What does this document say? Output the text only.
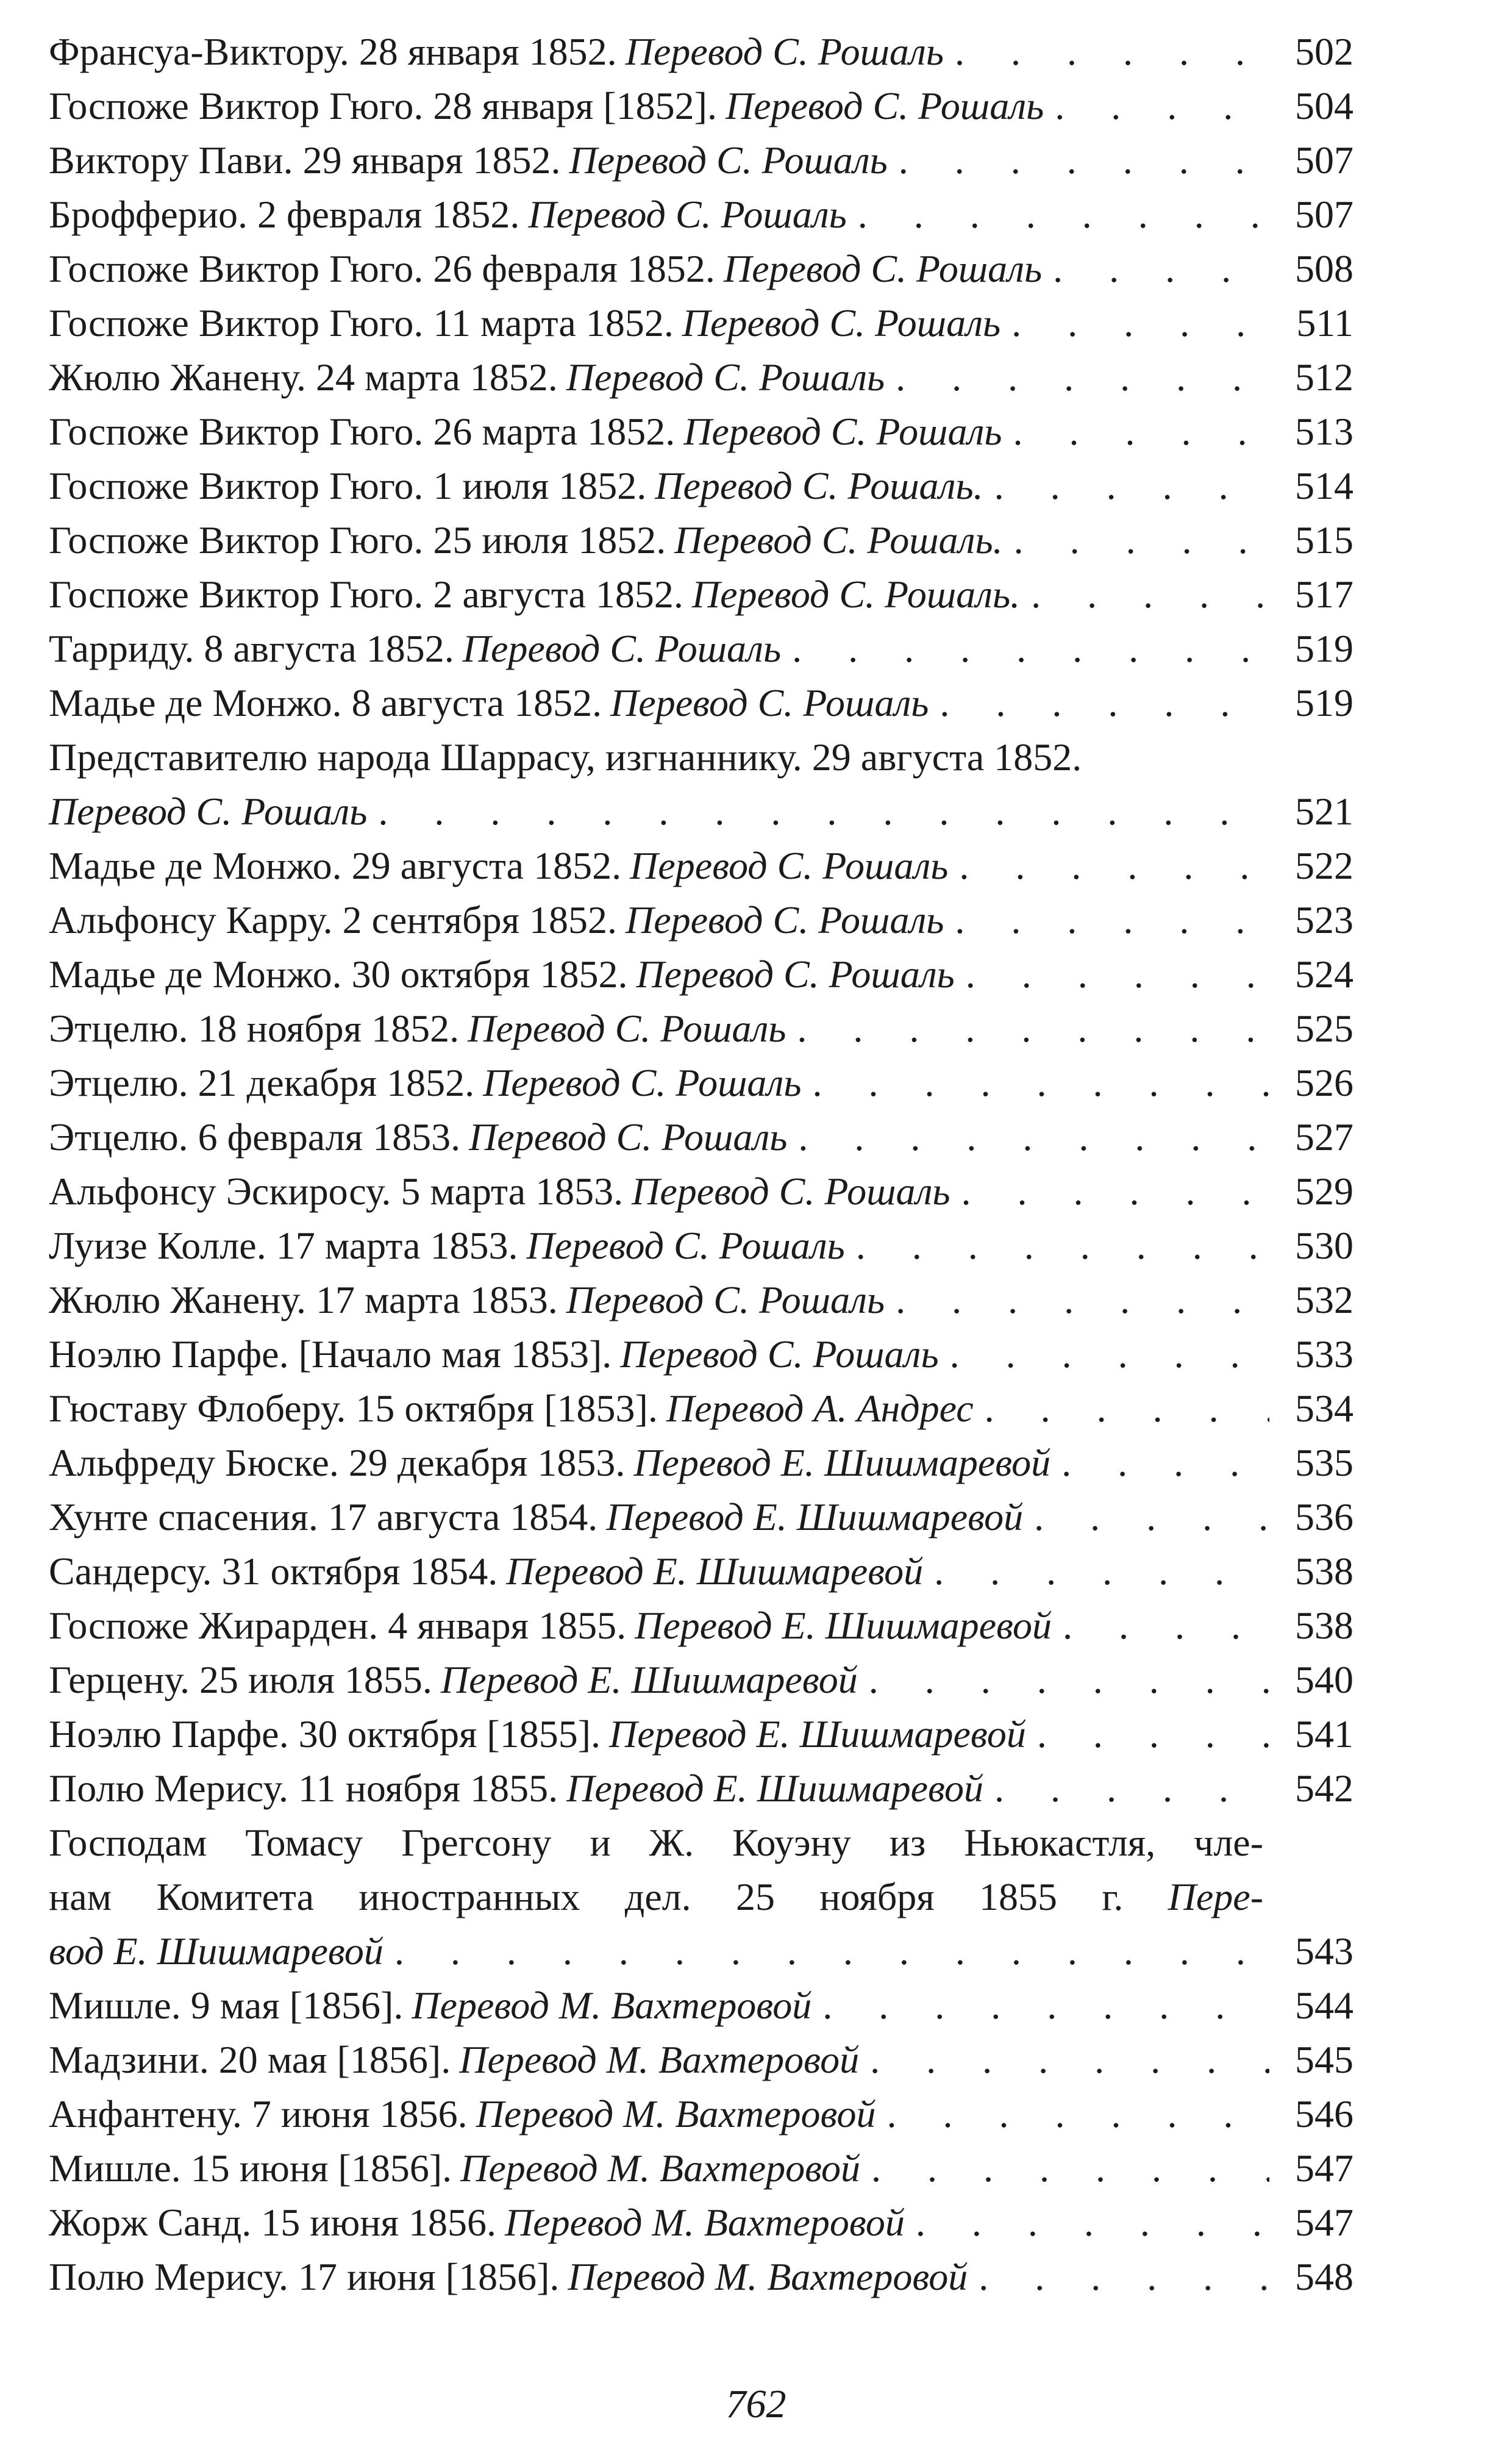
Франсуа-Виктору. 28 января 1852. Перевод С. Рошаль . . .	502
Госпоже Виктор Гюго. 28 января [1852]. Перевод С. Рошаль . . .	504
Виктору Пави. 29 января 1852. Перевод С. Рошаль . . .	507
Брофферио. 2 февраля 1852. Перевод С. Рошаль . . .	507
Госпоже Виктор Гюго. 26 февраля 1852. Перевод С. Рошаль . . .	508
Госпоже Виктор Гюго. 11 марта 1852. Перевод С. Рошаль . . .	511
Жюлю Жанену. 24 марта 1852. Перевод С. Рошаль . . .	512
Госпоже Виктор Гюго. 26 марта 1852. Перевод С. Рошаль . . .	513
Госпоже Виктор Гюго. 1 июля 1852. Перевод С. Рошаль. . . .	514
Госпоже Виктор Гюго. 25 июля 1852. Перевод С. Рошаль. . . .	515
Госпоже Виктор Гюго. 2 августа 1852. Перевод С. Рошаль. . . .	517
Тарриду. 8 августа 1852. Перевод С. Рошаль . . .	519
Мадье де Монжо. 8 августа 1852. Перевод С. Рошаль . . .	519
Представителю народа Шаррасу, изгнаннику. 29 августа 1852.
Перевод С. Рошаль . . .	521
Мадье де Монжо. 29 августа 1852. Перевод С. Рошаль . . .	522
Альфонсу Карру. 2 сентября 1852. Перевод С. Рошаль . . .	523
Мадье де Монжо. 30 октября 1852. Перевод С. Рошаль . . .	524
Этцелю. 18 ноября 1852. Перевод С. Рошаль . . .	525
Этцелю. 21 декабря 1852. Перевод С. Рошаль . . .	526
Этцелю. 6 февраля 1853. Перевод С. Рошаль . . .	527
Альфонсу Эскиросу. 5 марта 1853. Перевод С. Рошаль . . .	529
Луизе Колле. 17 марта 1853. Перевод С. Рошаль . . .	530
Жюлю Жанену. 17 марта 1853. Перевод С. Рошаль . . .	532
Ноэлю Парфе. [Начало мая 1853]. Перевод С. Рошаль . . .	533
Гюставу Флоберу. 15 октября [1853]. Перевод А. Андрес . . .	534
Альфреду Бюске. 29 декабря 1853. Перевод Е. Шишмаревой . . .	535
Хунте спасения. 17 августа 1854. Перевод Е. Шишмаревой . . .	536
Сандерсу. 31 октября 1854. Перевод Е. Шишмаревой . . .	538
Госпоже Жирарден. 4 января 1855. Перевод Е. Шишмаревой . . .	538
Герцену. 25 июля 1855. Перевод Е. Шишмаревой . . .	540
Ноэлю Парфе. 30 октября [1855]. Перевод Е. Шишмаревой . . .	541
Полю Мерису. 11 ноября 1855. Перевод Е. Шишмаревой . . .	542
Господам Томасу Грегсону и Ж. Коуэну из Ньюкастля, чле-
нам Комитета иностранных дел. 25 ноября 1855 г. Пере-
вод Е. Шишмаревой . . .	543
Мишле. 9 мая [1856]. Перевод М. Вахтеровой . . .	544
Мадзини. 20 мая [1856]. Перевод М. Вахтеровой . . .	545
Анфантену. 7 июня 1856. Перевод М. Вахтеровой . . .	546
Мишле. 15 июня [1856]. Перевод М. Вахтеровой . . .	547
Жорж Санд. 15 июня 1856. Перевод М. Вахтеровой . . .	547
Полю Мерису. 17 июня [1856]. Перевод М. Вахтеровой . . .	548
762
